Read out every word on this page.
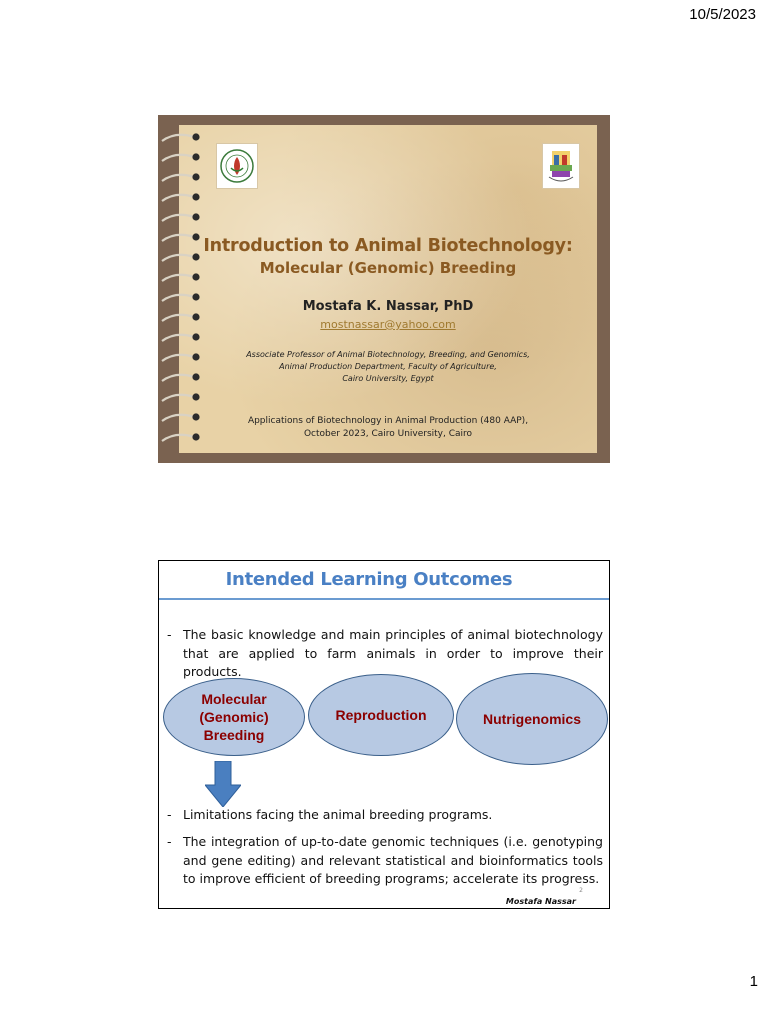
10/5/2023
Introduction to Animal Biotechnology:
Molecular (Genomic) Breeding
Mostafa K. Nassar, PhD
mostnassar@yahoo.com
Associate Professor of Animal Biotechnology, Breeding, and Genomics,
Animal Production Department, Faculty of Agriculture,
Cairo University, Egypt
Applications of Biotechnology in Animal Production (480 AAP),
October 2023, Cairo University, Cairo
Intended Learning Outcomes
- The basic knowledge and main principles of animal biotechnology that are applied to farm animals in order to improve their products.
Molecular
(Genomic)
Breeding
Reproduction	Nutrigenomics
- Limitations facing the animal breeding programs.
- The integration of up-to-date genomic techniques (i.e. genotyping and gene editing) and relevant statistical and bioinformatics tools to improve efficient of breeding programs; accelerate its progress.
2
Mostafa Nassar
1
